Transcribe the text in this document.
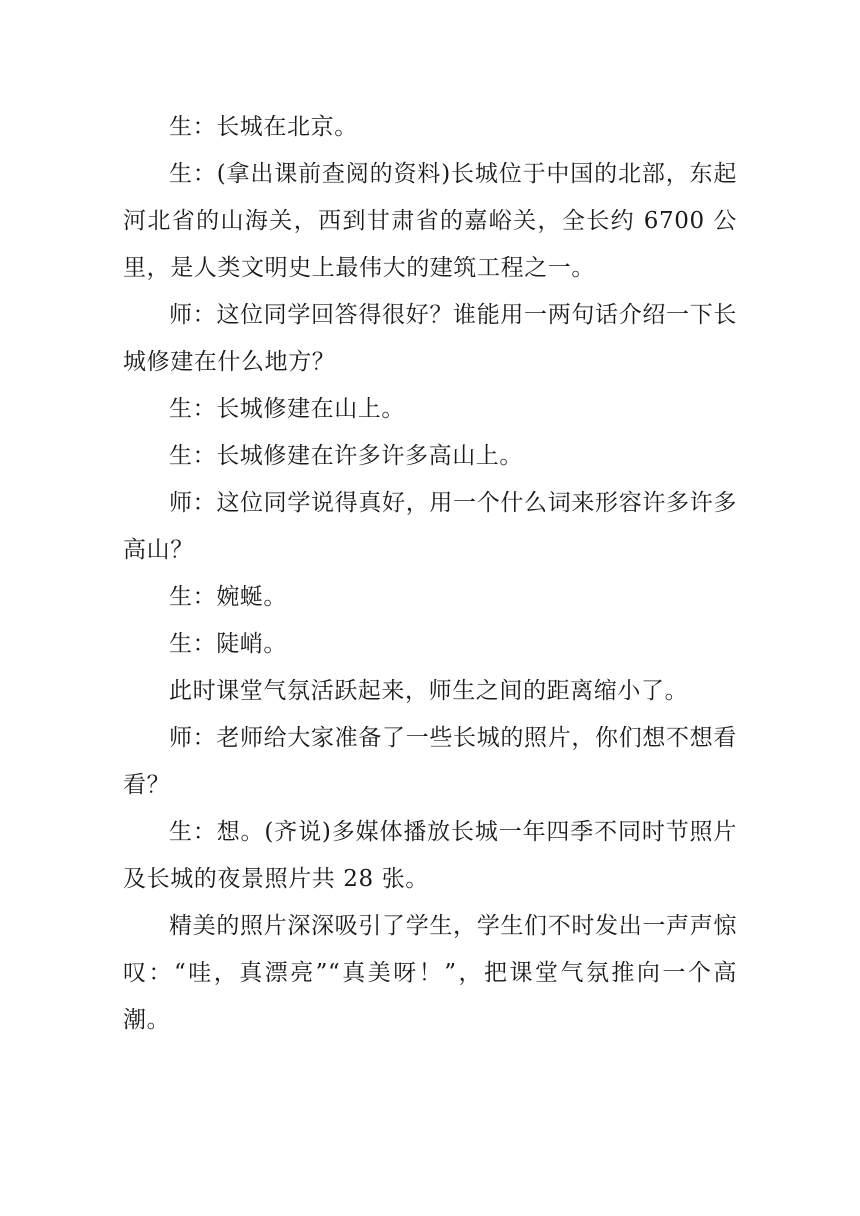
生：长城在北京。

生：(拿出课前查阅的资料)长城位于中国的北部，东起河北省的山海关，西到甘肃省的嘉峪关，全长约 6700 公里，是人类文明史上最伟大的建筑工程之一。

师：这位同学回答得很好？谁能用一两句话介绍一下长城修建在什么地方？

生：长城修建在山上。

生：长城修建在许多许多高山上。

师：这位同学说得真好，用一个什么词来形容许多许多高山？

生：婉蜒。

生：陡峭。

此时课堂气氛活跃起来，师生之间的距离缩小了。

师：老师给大家准备了一些长城的照片，你们想不想看看？

生：想。(齐说)多媒体播放长城一年四季不同时节照片及长城的夜景照片共 28 张。

精美的照片深深吸引了学生，学生们不时发出一声声惊叹：“哇，真漂亮”“真美呀！”，把课堂气氛推向一个高潮。
